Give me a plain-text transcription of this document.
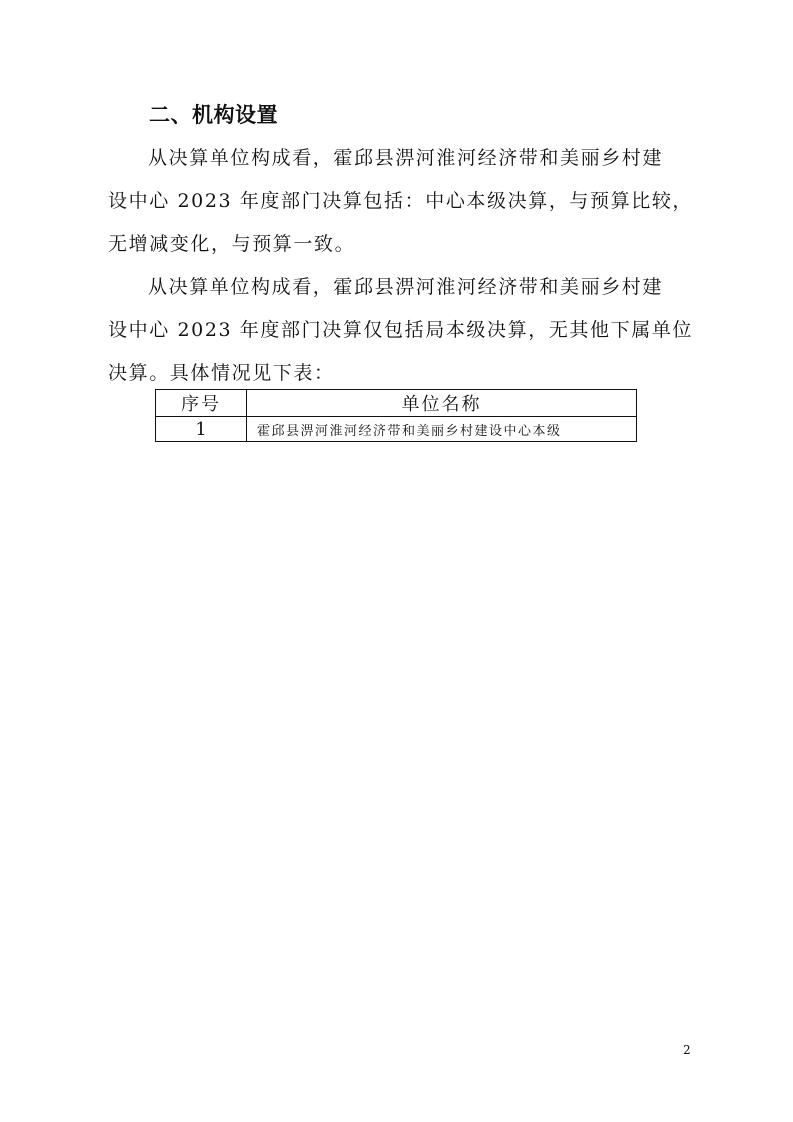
二、机构设置

从决算单位构成看，霍邱县淠河淮河经济带和美丽乡村建
设中心 2023 年度部门决算包括：中心本级决算，与预算比较，
无增减变化，与预算一致。

从决算单位构成看，霍邱县淠河淮河经济带和美丽乡村建
设中心 2023 年度部门决算仅包括局本级决算，无其他下属单位
决算。具体情况见下表：

序号	单位名称
1	霍邱县淠河淮河经济带和美丽乡村建设中心本级
2
